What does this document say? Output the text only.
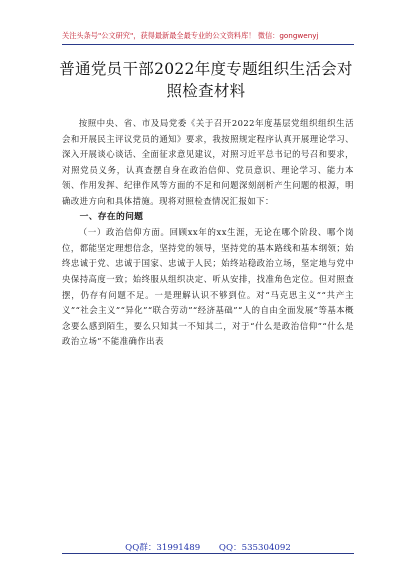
关注头条号"公文研究"，获得最新最全最专业的公文资料库！ 微信：gongwenyj
普通党员干部2022年度专题组织生活会对照检查材料

按照中央、省、市及局党委《关于召开2022年度基层党组织组织生活会和开展民主评议党员的通知》要求，我按照规定程序认真开展理论学习、深入开展谈心谈话、全面征求意见建议，对照习近平总书记的号召和要求，对照党员义务，认真查摆自身在政治信仰、党员意识、理论学习、能力本领、作用发挥、纪律作风等方面的不足和问题深刻剖析产生问题的根源，明确改进方向和具体措施。现将对照检查情况汇报如下：

一、存在的问题

（一）政治信仰方面。回顾xx年的xx生涯，无论在哪个阶段、哪个岗位，都能坚定理想信念，坚持党的领导，坚持党的基本路线和基本纲领；始终忠诚于党、忠诚于国家、忠诚于人民；始终站稳政治立场，坚定地与党中央保持高度一致；始终服从组织决定、听从安排，找准角色定位。但对照查摆，仍存有问题不足。一是理解认识不够到位。对“马克思主义”“共产主义”“社会主义”“异化”“联合劳动”“经济基础”“人的自由全面发展”等基本概念要么感到陌生，要么只知其一不知其二，对于“什么是政治信仰”“什么是政治立场”不能准确作出表

QQ群：31991489 QQ：535304092
